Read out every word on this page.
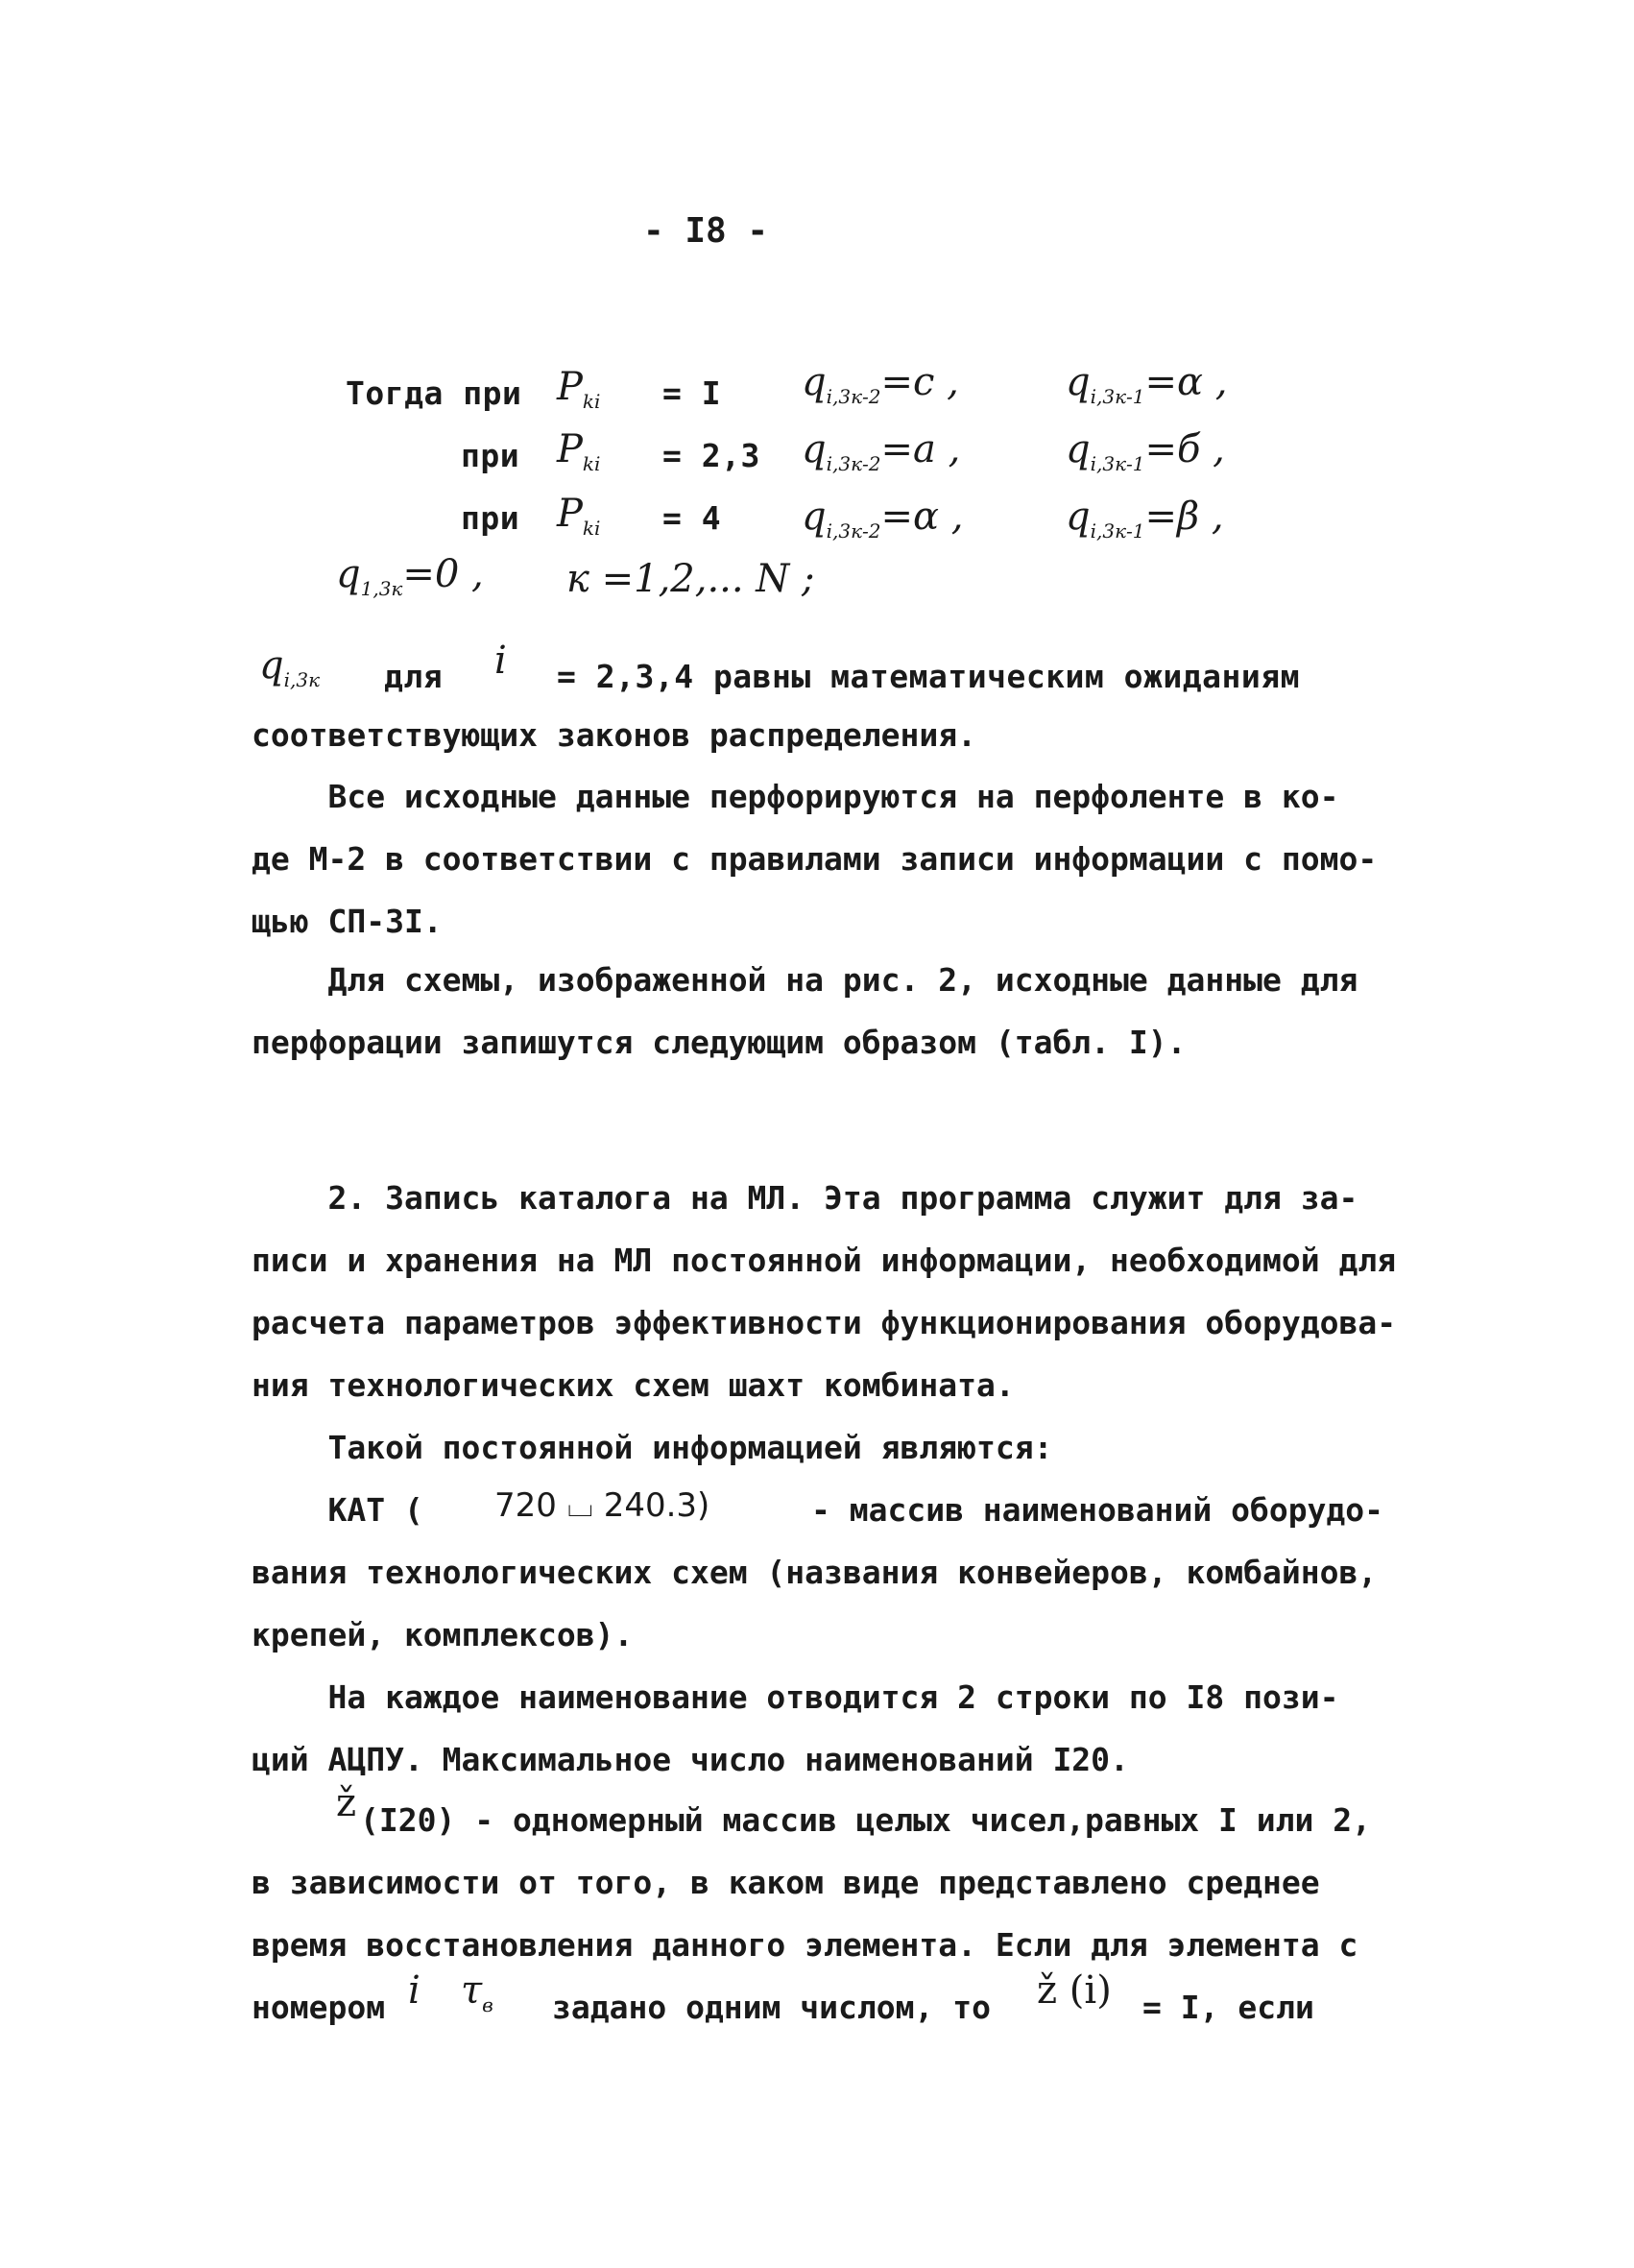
- I8 -
Тогда при $P_{ki} = I$ $q_{i,3к-2}=c$ ,	$q_{i,3к-1}=\alpha$ ,
при $P_{ki} = 2,3$ $q_{i,3к-2}=a$ ,	$q_{i,3к-1}=б$ ,
при $P_{ki} = 4$ $q_{i,3к-2}=\alpha$ ,	$q_{i,3к-1}=\beta$ ,
$q_{1,3к}=0$ , к =1,2,... N ;
$q_{i,3к}$ для i = 2,3,4 равны математическим ожиданиям
соответствующих законов распределения.
Все исходные данные перфорируются на перфоленте в ко-
де М-2 в соответствии с правилами записи информации с помо-
щью СП-3I.
Для схемы, изображенной на рис. 2, исходные данные для
перфорации запишутся следующим образом (табл. I).
2. Запись каталога на МЛ. Эта программа служит для за-
писи и хранения на МЛ постоянной информации, необходимой для
расчета параметров эффективности функционирования оборудова-
ния технологических схем шахт комбината.
Такой постоянной информацией являются:
КАТ ( 720 ⌴ 240.3)	- массив наименований оборудо-
вания технологических схем (названия конвейеров, комбайнов,
крепей, комплексов).
На каждое наименование отводится 2 строки по I8 пози-
ций АЦПУ. Максимальное число наименований I20.
ž (I20) - одномерный массив целых чисел,равных I или 2,
в зависимости от того, в каком виде представлено среднее
время восстановления данного элемента. Если для элемента с
номером i $\tau_в$ задано одним числом, то ž (i) = I, если
